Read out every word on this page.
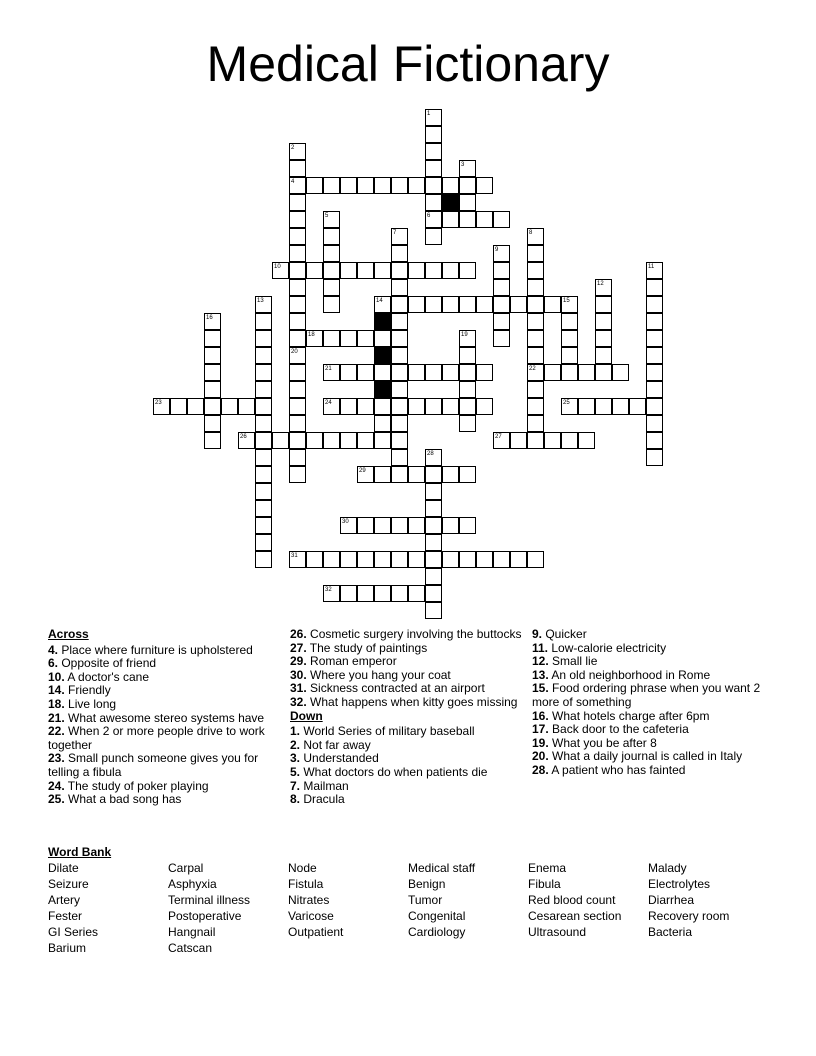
Medical Fictionary
4
6
10
14	15
18
21	22
23	24	25
26	27
29
30
31
32
1
2
20
3
5
7	8
9
11
12
13
16	17
19
28
Across
4. Place where furniture is upholstered
6. Opposite of friend
10. A doctor's cane
14. Friendly
18. Live long
21. What awesome stereo systems have
22. When 2 or more people drive to work together
23. Small punch someone gives you for telling a fibula
24. The study of poker playing
25. What a bad song has
26. Cosmetic surgery involving the buttocks
27. The study of paintings
29. Roman emperor
30. Where you hang your coat
31. Sickness contracted at an airport
32. What happens when kitty goes missing
Down
1. World Series of military baseball
2. Not far away
3. Understanded
5. What doctors do when patients die
7. Mailman
8. Dracula
9. Quicker
11. Low-calorie electricity
12. Small lie
13. An old neighborhood in Rome
15. Food ordering phrase when you want 2 more of something
16. What hotels charge after 6pm
17. Back door to the cafeteria
19. What you be after 8
20. What a daily journal is called in Italy
28. A patient who has fainted
Word Bank
Dilate
Seizure
Artery
Fester
GI Series
Barium
Carpal
Asphyxia
Terminal illness
Postoperative
Hangnail
Catscan
Node
Fistula
Nitrates
Varicose
Outpatient
Medical staff
Benign
Tumor
Congenital
Cardiology
Enema
Fibula
Red blood count
Cesarean section
Ultrasound
Malady
Electrolytes
Diarrhea
Recovery room
Bacteria
